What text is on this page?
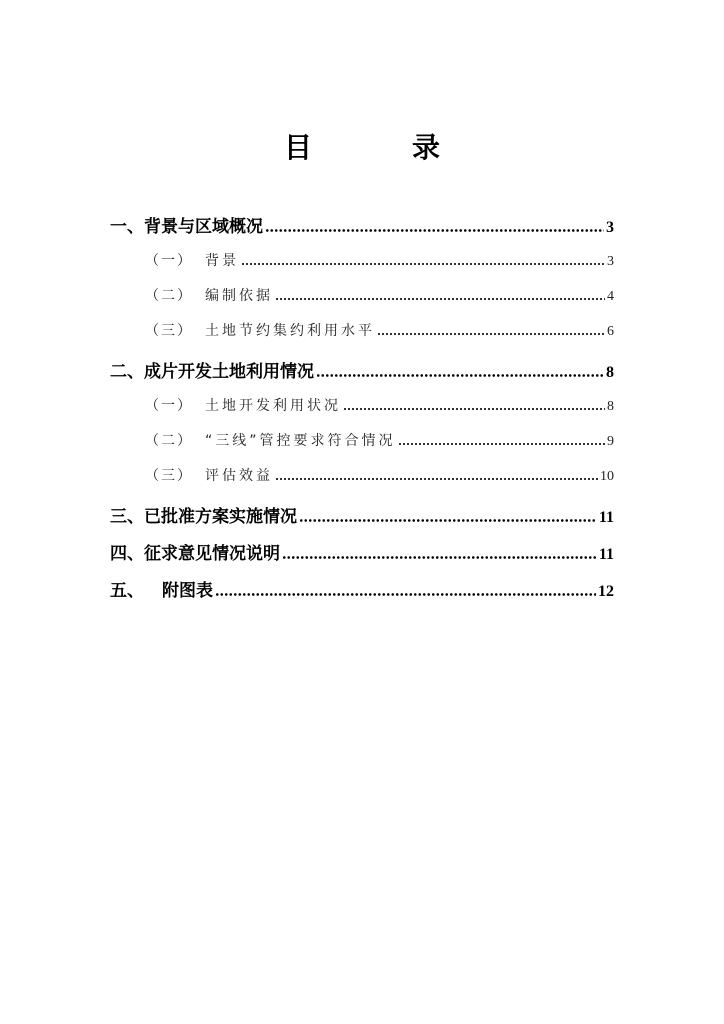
目　录
一、背景与区域概况	3
（一） 背景	3
（二） 编制依据	4
（三） 土地节约集约利用水平	6
二、成片开发土地利用情况	8
（一） 土地开发利用状况	8
（二） “三线”管控要求符合情况	9
（三） 评估效益	10
三、已批准方案实施情况	11
四、征求意见情况说明	11
五、 附图表	12
